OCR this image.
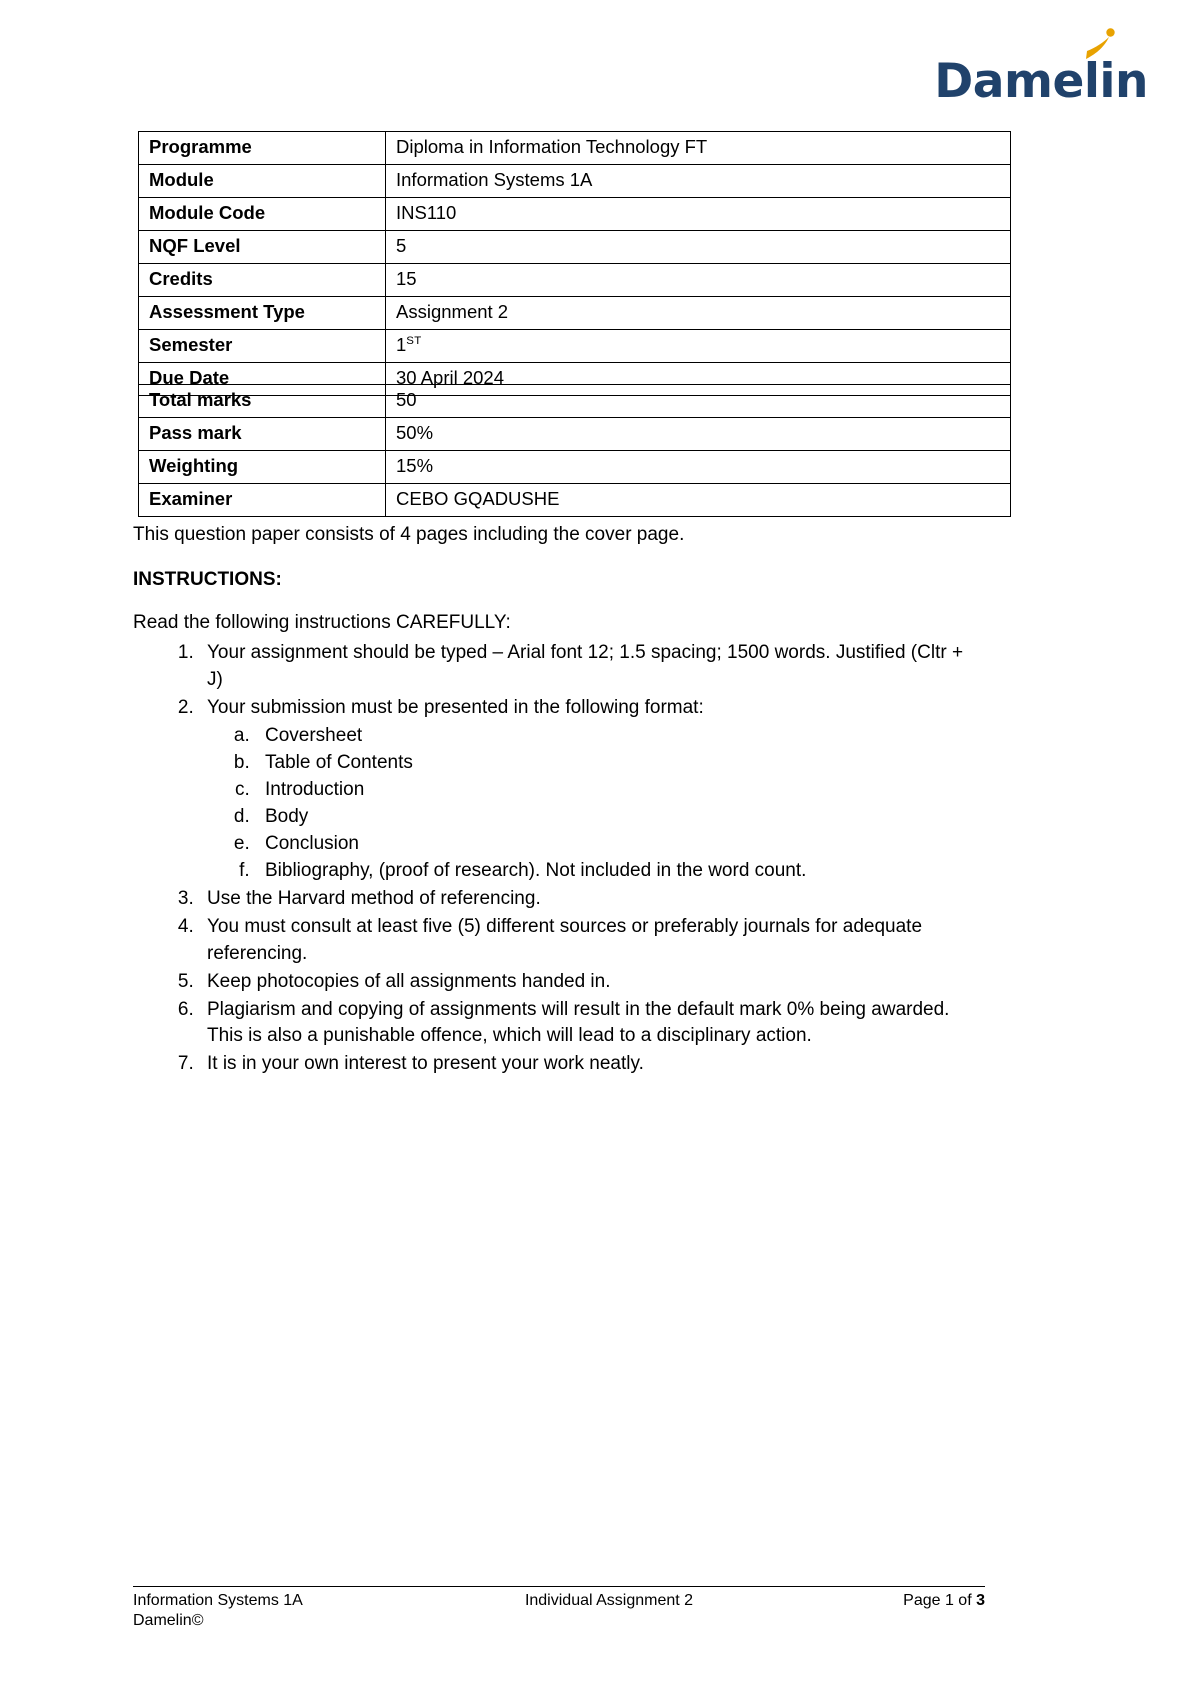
Damelin
Programme	Diploma in Information Technology FT
Module	Information Systems 1A
Module Code	INS110
NQF Level	5
Credits	15
Assessment Type	Assignment 2
Semester	1ST
Due Date	30 April 2024
Total marks	50
Pass mark	50%
Weighting	15%
Examiner	CEBO GQADUSHE

This question paper consists of 4 pages including the cover page.

INSTRUCTIONS:

Read the following instructions CAREFULLY:

1. Your assignment should be typed – Arial font 12; 1.5 spacing; 1500 words. Justified (Cltr + J)
2. Your submission must be presented in the following format:
a. Coversheet
b. Table of Contents
c. Introduction
d. Body
e. Conclusion
f. Bibliography, (proof of research). Not included in the word count.
3. Use the Harvard method of referencing.
4. You must consult at least five (5) different sources or preferably journals for adequate referencing.
5. Keep photocopies of all assignments handed in.
6. Plagiarism and copying of assignments will result in the default mark 0% being awarded. This is also a punishable offence, which will lead to a disciplinary action.
7. It is in your own interest to present your work neatly.
Information Systems 1A	Individual Assignment 2	Page 1 of 3
Damelin©
